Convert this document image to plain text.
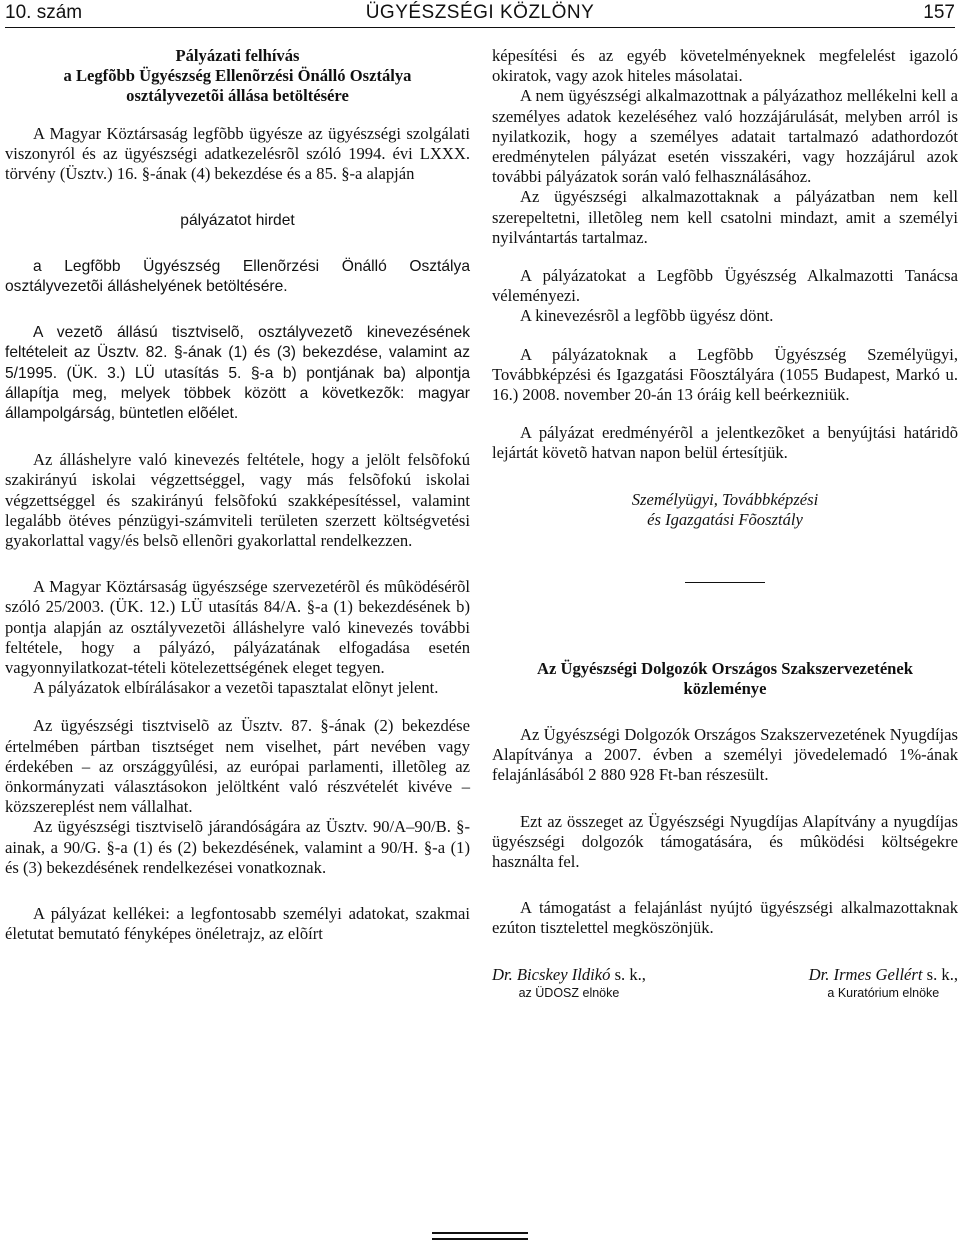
10. szám	ÜGYÉSZSÉGI KÖZLÖNY	157

Pályázati felhívás

a Legfõbb Ügyészség Ellenõrzési Önálló Osztálya

osztályvezetõi állása betöltésére

A Magyar Köztársaság legfõbb ügyésze az ügyészségi szolgálati viszonyról és az ügyészségi adatkezelésrõl szóló 1994. évi LXXX. törvény (Üsztv.) 16. §-ának (4) bekezdése és a 85. §-a alapján

pályázatot hirdet

a Legfõbb Ügyészség Ellenõrzési Önálló Osztálya osztályvezetõi álláshelyének betöltésére.

A vezetõ állású tisztviselõ, osztályvezetõ kinevezésének feltételeit az Üsztv. 82. §-ának (1) és (3) bekezdése, valamint az 5/1995. (ÜK. 3.) LÜ utasítás 5. §-a b) pontjának ba) alpontja állapítja meg, melyek többek között a következõk: magyar állampolgárság, büntetlen elõélet.

Az álláshelyre való kinevezés feltétele, hogy a jelölt felsõfokú szakirányú iskolai végzettséggel, vagy más felsõfokú iskolai végzettséggel és szakirányú felsõfokú szakképesítéssel, valamint legalább ötéves pénzügyi-számviteli területen szerzett költségvetési gyakorlattal vagy/és belsõ ellenõri gyakorlattal rendelkezzen.

A Magyar Köztársaság ügyészsége szervezetérõl és mûködésérõl szóló 25/2003. (ÜK. 12.) LÜ utasítás 84/A. §-a (1) bekezdésének b) pontja alapján az osztályvezetõi álláshelyre való kinevezés további feltétele, hogy a pályázó, pályázatának elfogadása esetén vagyonnyilatkozat-tételi kötelezettségének eleget tegyen.

A pályázatok elbírálásakor a vezetõi tapasztalat elõnyt jelent.

Az ügyészségi tisztviselõ az Üsztv. 87. §-ának (2) bekezdése értelmében pártban tisztséget nem viselhet, párt nevében vagy érdekében – az országgyûlési, az európai parlamenti, illetõleg az önkormányzati választásokon jelöltként való részvételét kivéve – közszereplést nem vállalhat.

Az ügyészségi tisztviselõ járandóságára az Üsztv. 90/A–90/B. §-ainak, a 90/G. §-a (1) és (2) bekezdésének, valamint a 90/H. §-a (1) és (3) bekezdésének rendelkezései vonatkoznak.

A pályázat kellékei: a legfontosabb személyi adatokat, szakmai életutat bemutató fényképes önéletrajz, az elõírt

képesítési és az egyéb követelményeknek megfelelést igazoló okiratok, vagy azok hiteles másolatai.

A nem ügyészségi alkalmazottnak a pályázathoz mellékelni kell a személyes adatok kezeléséhez való hozzájárulását, melyben arról is nyilatkozik, hogy a személyes adatait tartalmazó adathordozót eredménytelen pályázat esetén visszakéri, vagy hozzájárul azok további pályázatok során való felhasználásához.

Az ügyészségi alkalmazottaknak a pályázatban nem kell szerepeltetni, illetõleg nem kell csatolni mindazt, amit a személyi nyilvántartás tartalmaz.

A pályázatokat a Legfõbb Ügyészség Alkalmazotti Tanácsa véleményezi.

A kinevezésrõl a legfõbb ügyész dönt.

A pályázatoknak a Legfõbb Ügyészség Személyügyi, Továbbképzési és Igazgatási Fõosztályára (1055 Budapest, Markó u. 16.) 2008. november 20-án 13 óráig kell beérkezniük.

A pályázat eredményérõl a jelentkezõket a benyújtási határidõ lejártát követõ hatvan napon belül értesítjük.

Személyügyi, Továbbképzési

és Igazgatási Fõosztály

Az Ügyészségi Dolgozók Országos Szakszervezetének

közleménye

Az Ügyészségi Dolgozók Országos Szakszervezetének Nyugdíjas Alapítványa a 2007. évben a személyi jövedelemadó 1%-ának felajánlásából 2 880 928 Ft-ban részesült.

Ezt az összeget az Ügyészségi Nyugdíjas Alapítvány a nyugdíjas ügyészségi dolgozók támogatására, és mûködési költségekre használta fel.

A támogatást a felajánlást nyújtó ügyészségi alkalmazottaknak ezúton tisztelettel megköszönjük.

Dr. Bicskey Ildikó s. k.,
az ÜDOSZ elnöke
Dr. Irmes Gellért s. k.,
a Kuratórium elnöke
